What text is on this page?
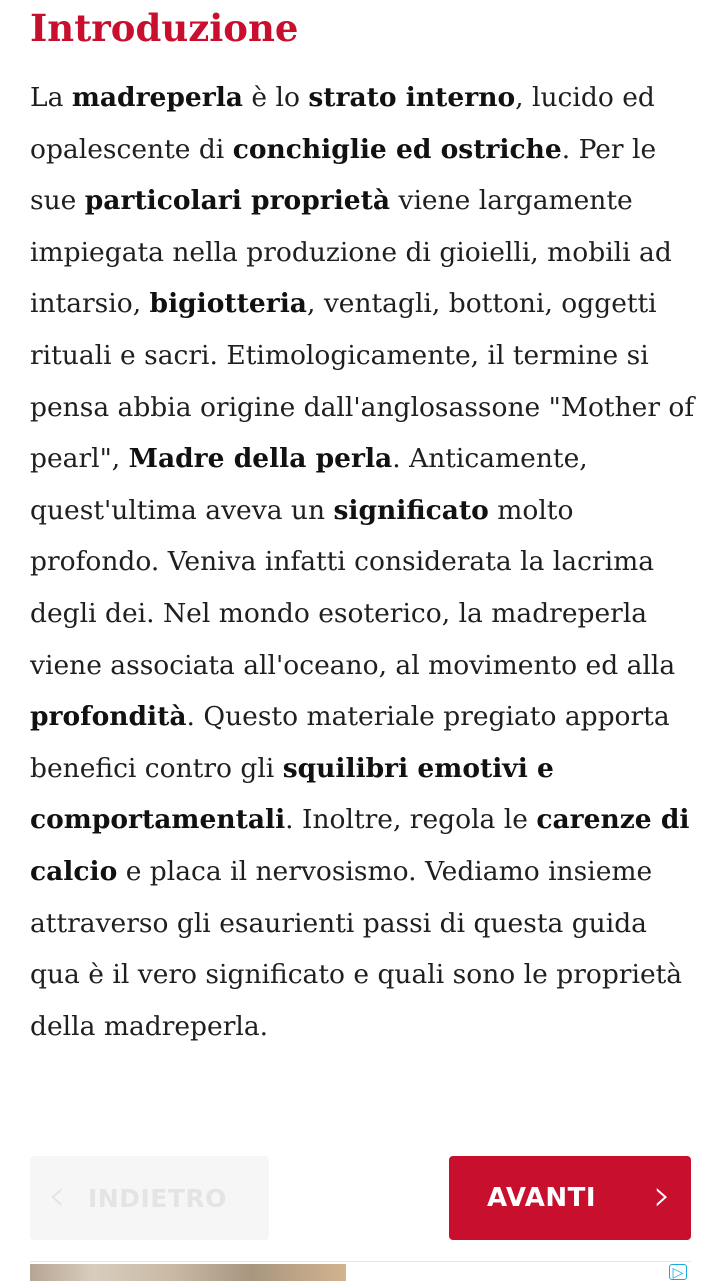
Introduzione

La madreperla è lo strato interno, lucido ed opalescente di conchiglie ed ostriche. Per le sue particolari proprietà viene largamente impiegata nella produzione di gioielli, mobili ad intarsio, bigiotteria, ventagli, bottoni, oggetti rituali e sacri. Etimologicamente, il termine si pensa abbia origine dall'anglosassone "Mother of pearl", Madre della perla. Anticamente, quest'ultima aveva un significato molto profondo. Veniva infatti considerata la lacrima degli dei. Nel mondo esoterico, la madreperla viene associata all'oceano, al movimento ed alla profondità. Questo materiale pregiato apporta benefici contro gli squilibri emotivi e comportamentali. Inoltre, regola le carenze di calcio e placa il nervosismo. Vediamo insieme attraverso gli esaurienti passi di questa guida qua è il vero significato e quali sono le proprietà della madreperla.

‹ INDIETRO	AVANTI ›
▷
